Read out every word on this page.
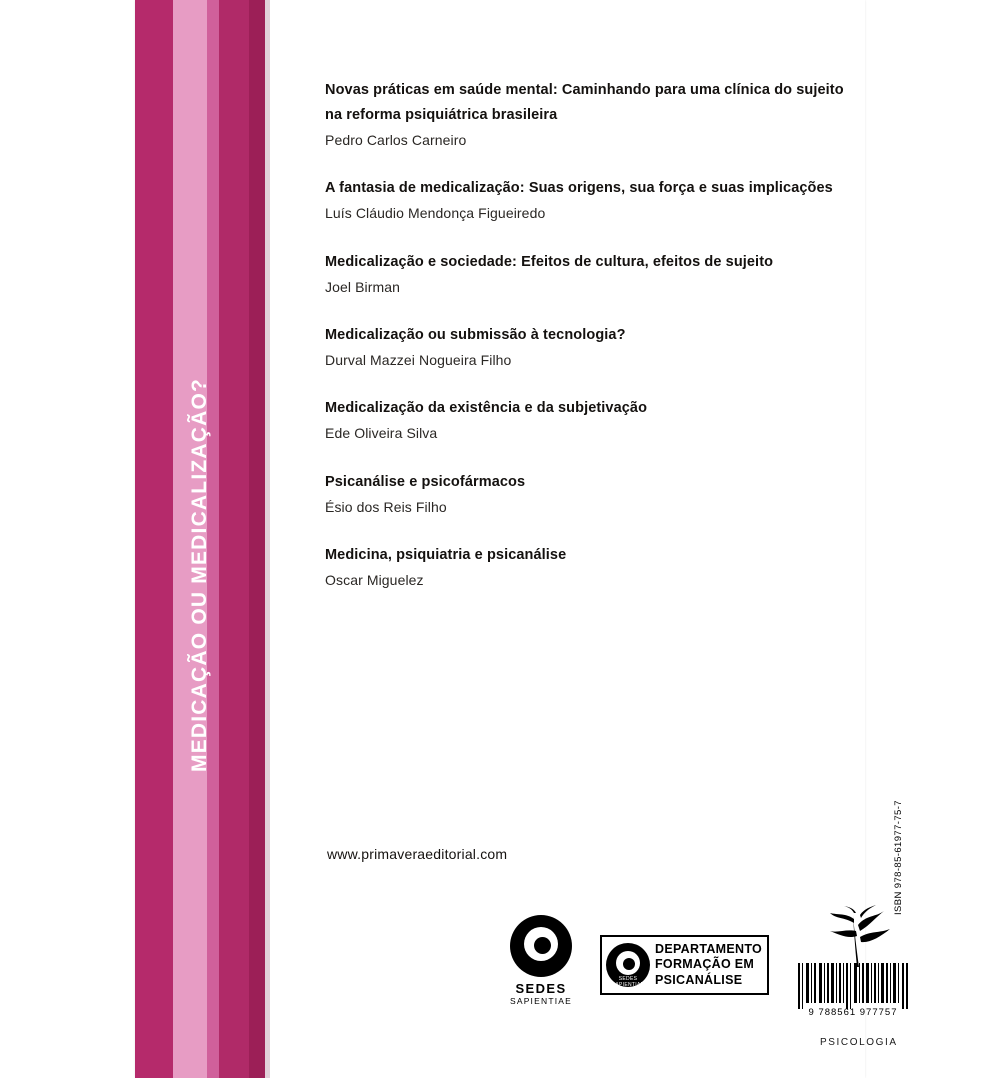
MEDICAÇÃO OU MEDICALIZAÇÃO?
Novas práticas em saúde mental: Caminhando para uma clínica do sujeito na reforma psiquiátrica brasileira
Pedro Carlos Carneiro
A fantasia de medicalização: Suas origens, sua força e suas implicações
Luís Cláudio Mendonça Figueiredo
Medicalização e sociedade: Efeitos de cultura, efeitos de sujeito
Joel Birman
Medicalização ou submissão à tecnologia?
Durval Mazzei Nogueira Filho
Medicalização da existência e da subjetivação
Ede Oliveira Silva
Psicanálise e psicofármacos
Ésio dos Reis Filho
Medicina, psiquiatria e psicanálise
Oscar Miguelez
www.primaveraeditorial.com
SEDES
SAPIENTIAE
SEDES SAPIENTIAE
DEPARTAMENTO
FORMAÇÃO EM
PSICANÁLISE
9 788561 977757
ISBN 978-85-61977-75-7
PSICOLOGIA
